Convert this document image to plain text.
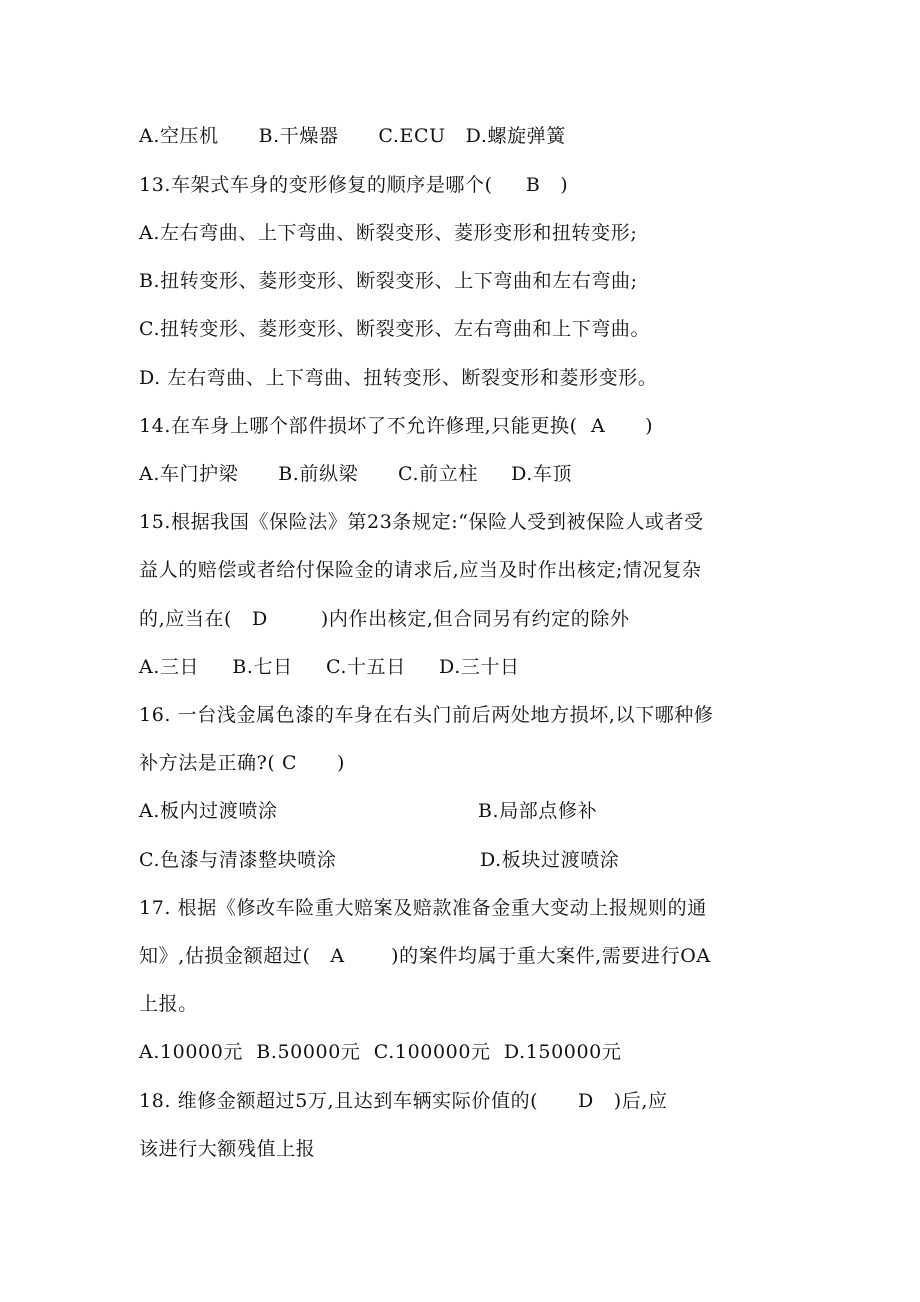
A.空压机      B.干燥器      C.ECU   D.螺旋弹簧
13.车架式车身的变形修复的顺序是哪个(     B   )
A.左右弯曲、上下弯曲、断裂变形、菱形变形和扭转变形;
B.扭转变形、菱形变形、断裂变形、上下弯曲和左右弯曲;
C.扭转变形、菱形变形、断裂变形、左右弯曲和上下弯曲。
D. 左右弯曲、上下弯曲、扭转变形、断裂变形和菱形变形。
14.在车身上哪个部件损坏了不允许修理,只能更换(  A      )
A.车门护梁      B.前纵梁      C.前立柱     D.车顶
15.根据我国《保险法》第23条规定:“保险人受到被保险人或者受
益人的赔偿或者给付保险金的请求后,应当及时作出核定;情况复杂
的,应当在(   D        )内作出核定,但合同另有约定的除外
A.三日     B.七日     C.十五日     D.三十日
16. 一台浅金属色漆的车身在右头门前后两处地方损坏,以下哪种修
补方法是正确?( C      )
A.板内过渡喷涂	B.局部点修补
C.色漆与清漆整块喷涂	D.板块过渡喷涂
17. 根据《修改车险重大赔案及赔款准备金重大变动上报规则的通
知》,估损金额超过(   A       )的案件均属于重大案件,需要进行OA
上报。
A.10000元  B.50000元  C.100000元  D.150000元
18. 维修金额超过5万,且达到车辆实际价值的(      D   )后,应
该进行大额残值上报
